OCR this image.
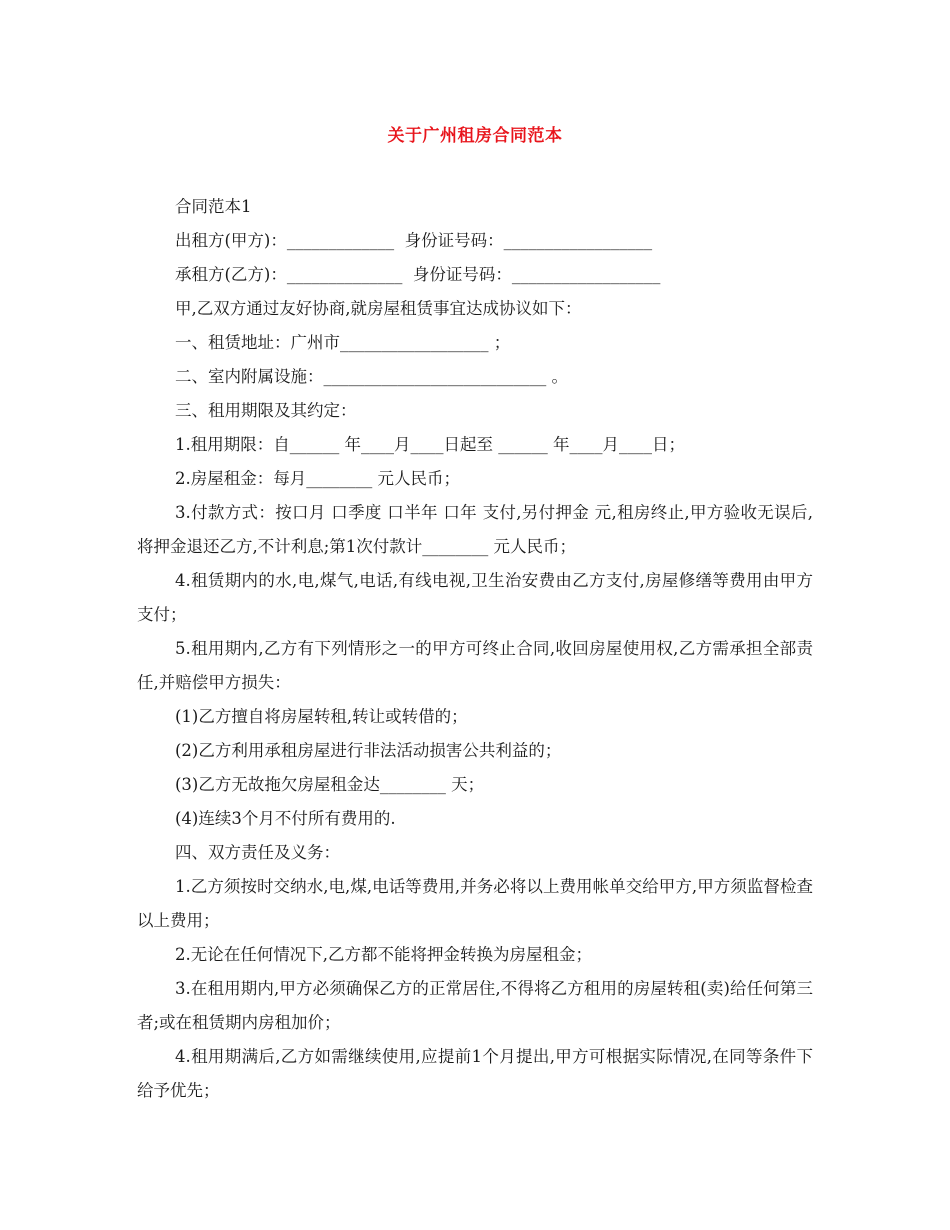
关于广州租房合同范本

合同范本1

出租方(甲方)：_____________  身份证号码：__________________

承租方(乙方)：______________  身份证号码：__________________

甲,乙双方通过友好协商,就房屋租赁事宜达成协议如下：

一、租赁地址：广州市__________________ ；

二、室内附属设施：___________________________ 。

三、租用期限及其约定：

1.租用期限：自______ 年____月____日起至 ______ 年____月____日；

2.房屋租金：每月________ 元人民币；

3.付款方式：按口月 口季度 口半年 口年 支付,另付押金 元,租房终止,甲方验收无误后,将押金退还乙方,不计利息;第1次付款计________ 元人民币；

4.租赁期内的水,电,煤气,电话,有线电视,卫生治安费由乙方支付,房屋修缮等费用由甲方支付；

5.租用期内,乙方有下列情形之一的甲方可终止合同,收回房屋使用权,乙方需承担全部责任,并赔偿甲方损失：

(1)乙方擅自将房屋转租,转让或转借的；

(2)乙方利用承租房屋进行非法活动损害公共利益的；

(3)乙方无故拖欠房屋租金达________ 天；

(4)连续3个月不付所有费用的.

四、双方责任及义务：

1.乙方须按时交纳水,电,煤,电话等费用,并务必将以上费用帐单交给甲方,甲方须监督检查以上费用；

2.无论在任何情况下,乙方都不能将押金转换为房屋租金；

3.在租用期内,甲方必须确保乙方的正常居住,不得将乙方租用的房屋转租(卖)给任何第三者;或在租赁期内房租加价；

4.租用期满后,乙方如需继续使用,应提前1个月提出,甲方可根据实际情况,在同等条件下给予优先；
